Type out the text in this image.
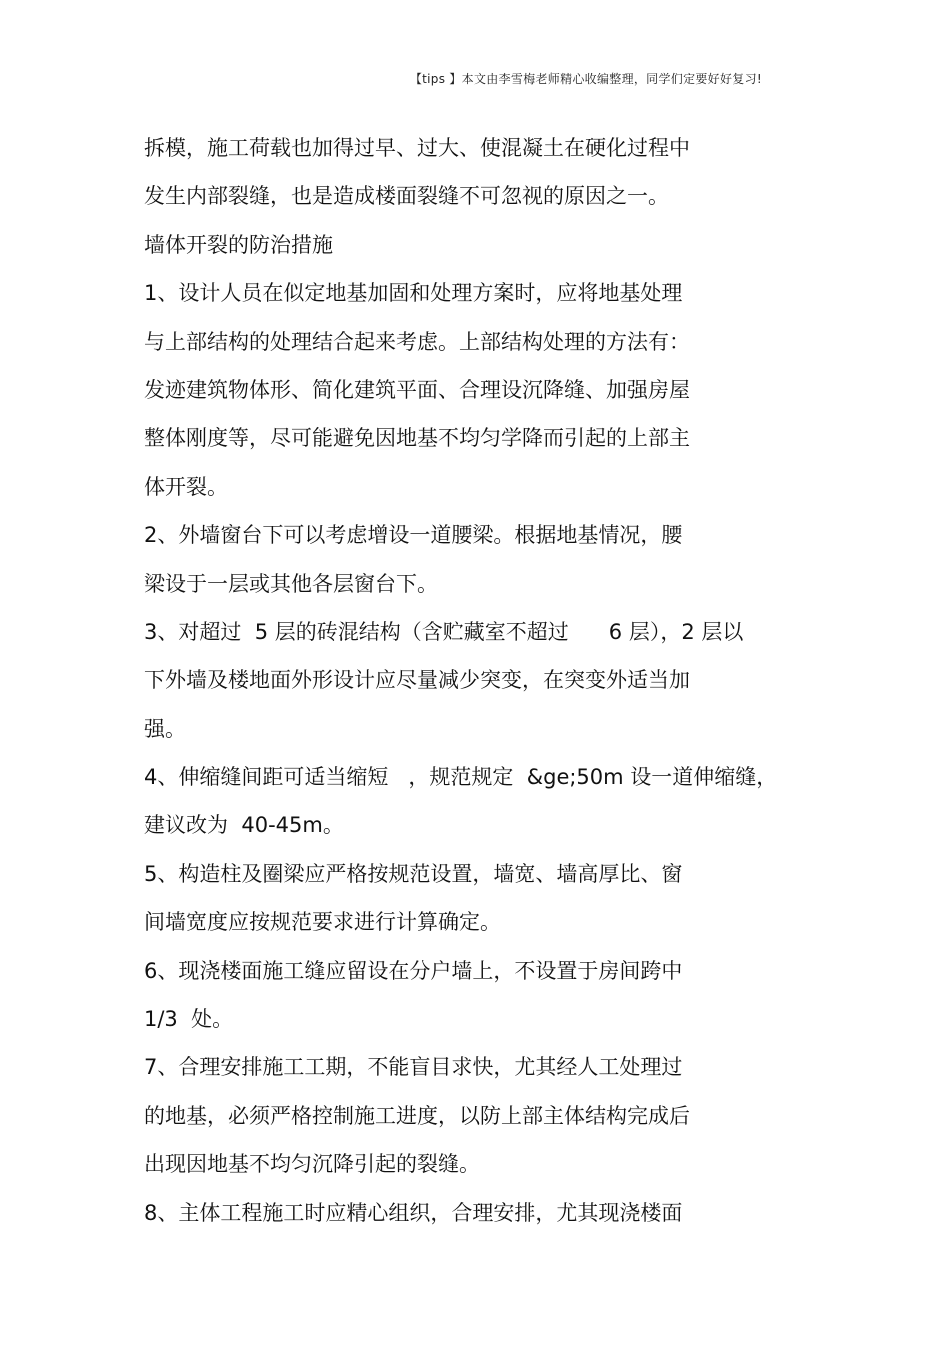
【tips 】本文由李雪梅老师精心收编整理，同学们定要好好复习!
拆模，施工荷载也加得过早、过大、使混凝土在硬化过程中
发生内部裂缝，也是造成楼面裂缝不可忽视的原因之一。
墙体开裂的防治措施
1、设计人员在似定地基加固和处理方案时，应将地基处理
与上部结构的处理结合起来考虑。上部结构处理的方法有：
发迹建筑物体形、简化建筑平面、合理设沉降缝、加强房屋
整体刚度等，尽可能避免因地基不均匀学降而引起的上部主
体开裂。
2、外墙窗台下可以考虑增设一道腰梁。根据地基情况，腰
梁设于一层或其他各层窗台下。
3、对超过  5 层的砖混结构（含贮藏室不超过      6 层），2 层以
下外墙及楼地面外形设计应尽量减少突变，在突变外适当加
强。
4、伸缩缝间距可适当缩短   ，规范规定  &ge;50m 设一道伸缩缝，
建议改为  40-45m。
5、构造柱及圈梁应严格按规范设置，墙宽、墙高厚比、窗
间墙宽度应按规范要求进行计算确定。
6、现浇楼面施工缝应留设在分户墙上，不设置于房间跨中
1/3  处。
7、合理安排施工工期，不能盲目求快，尤其经人工处理过
的地基，必须严格控制施工进度，以防上部主体结构完成后
出现因地基不均匀沉降引起的裂缝。
8、主体工程施工时应精心组织，合理安排，尤其现浇楼面
